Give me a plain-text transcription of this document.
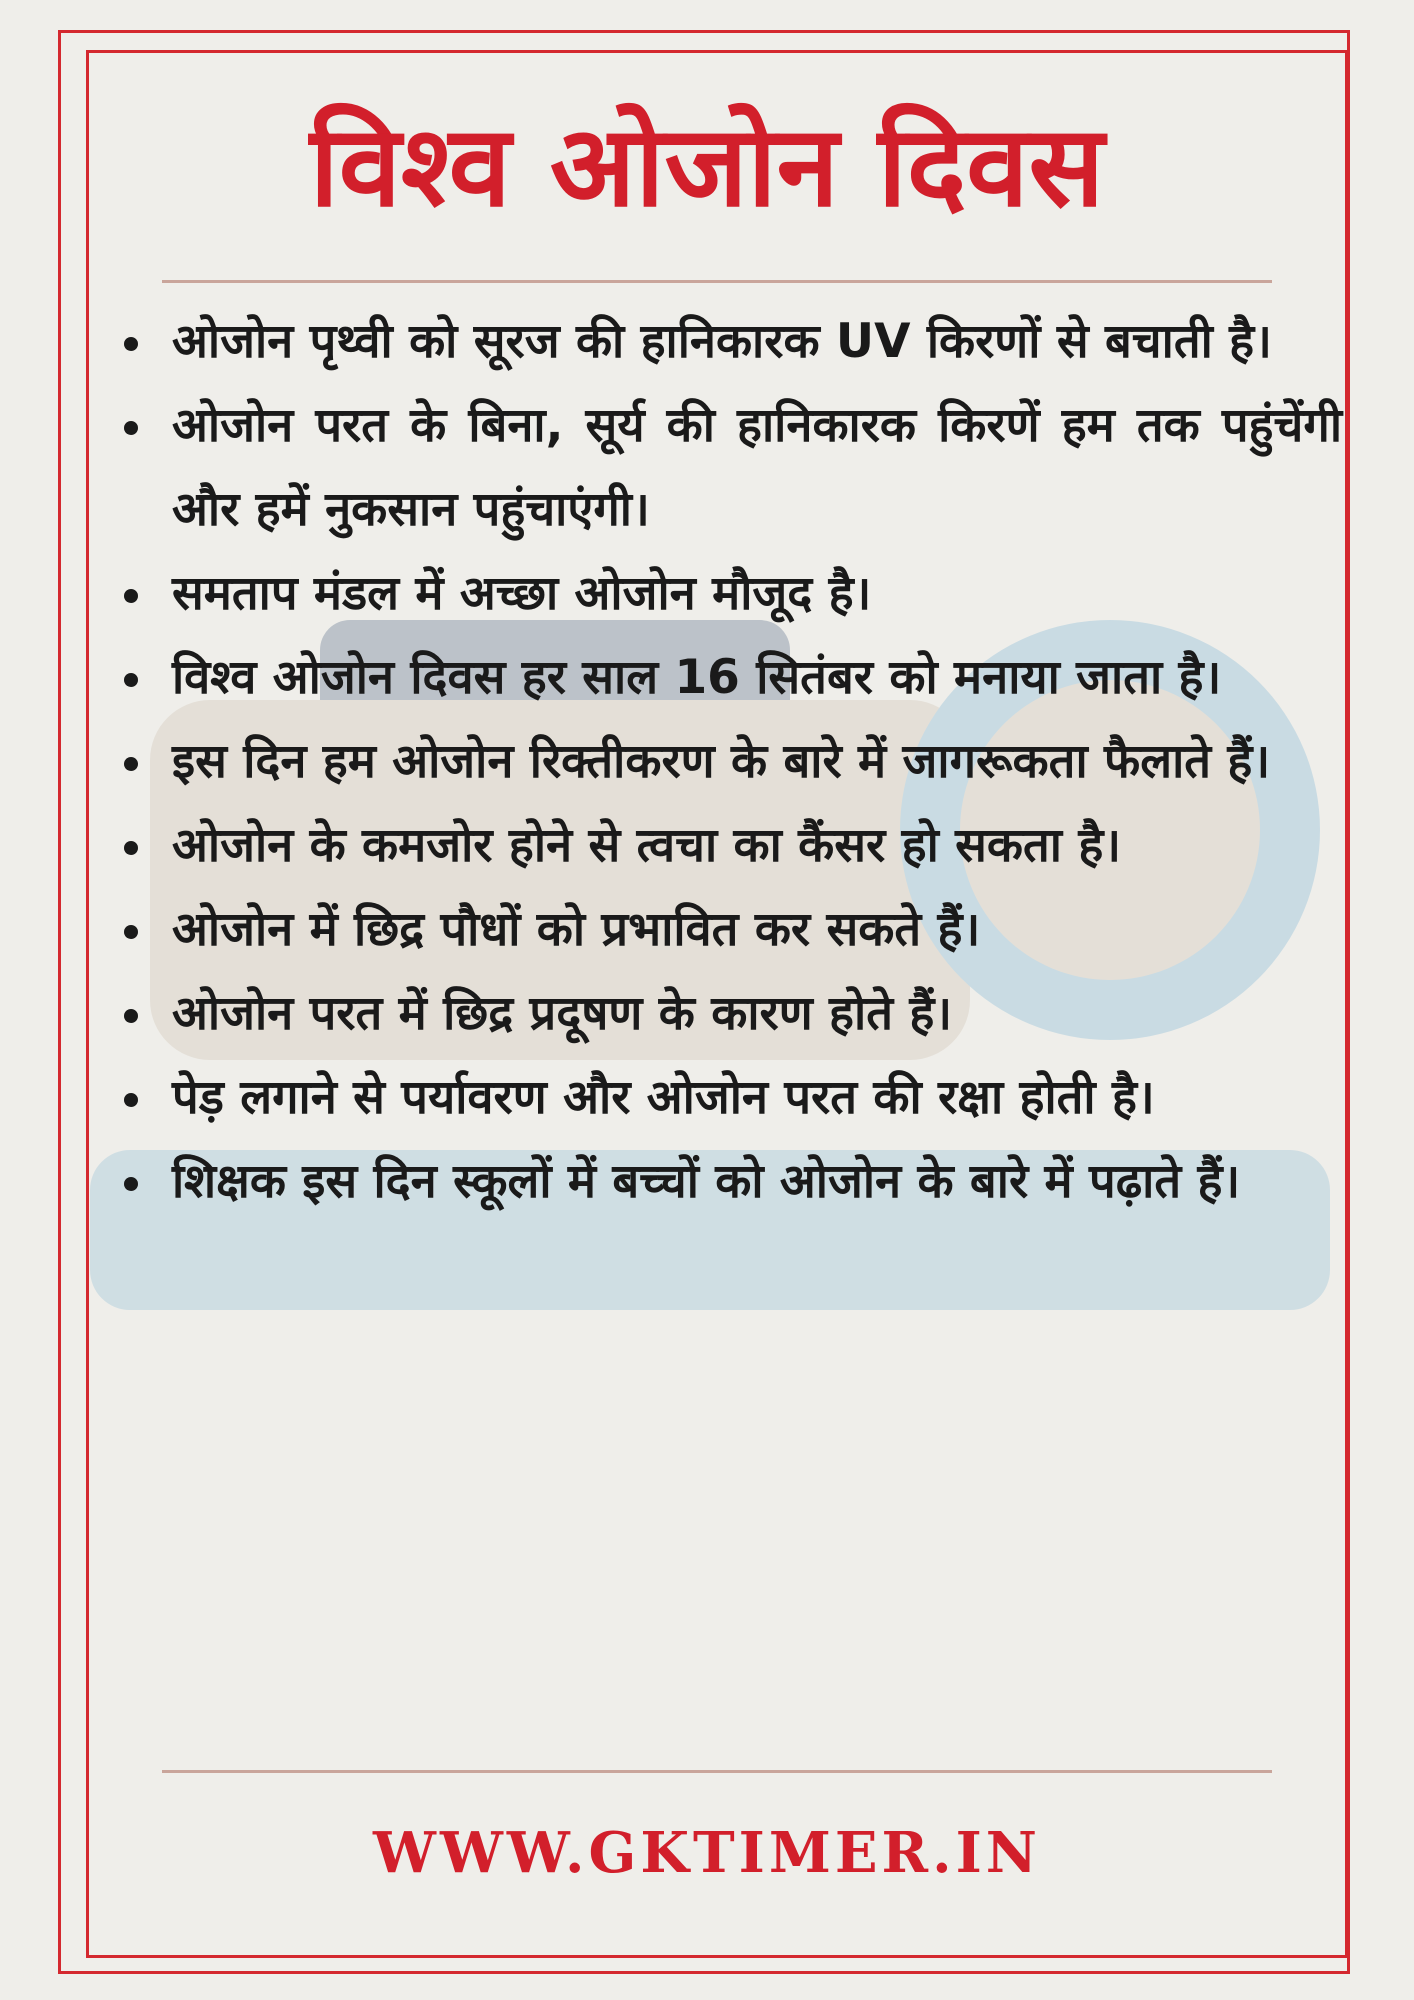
विश्व ओजोन दिवस
ओजोन पृथ्वी को सूरज की हानिकारक UV किरणों से बचाती है।
ओजोन परत के बिना, सूर्य की हानिकारक किरणें हम तक पहुंचेंगी और हमें नुकसान पहुंचाएंगी।
समताप मंडल में अच्छा ओजोन मौजूद है।
विश्व ओजोन दिवस हर साल 16 सितंबर को मनाया जाता है।
इस दिन हम ओजोन रिक्तीकरण के बारे में जागरूकता फैलाते हैं।
ओजोन के कमजोर होने से त्वचा का कैंसर हो सकता है।
ओजोन में छिद्र पौधों को प्रभावित कर सकते हैं।
ओजोन परत में छिद्र प्रदूषण के कारण होते हैं।
पेड़ लगाने से पर्यावरण और ओजोन परत की रक्षा होती है।
शिक्षक इस दिन स्कूलों में बच्चों को ओजोन के बारे में पढ़ाते हैं।
WWW.GKTIMER.IN
